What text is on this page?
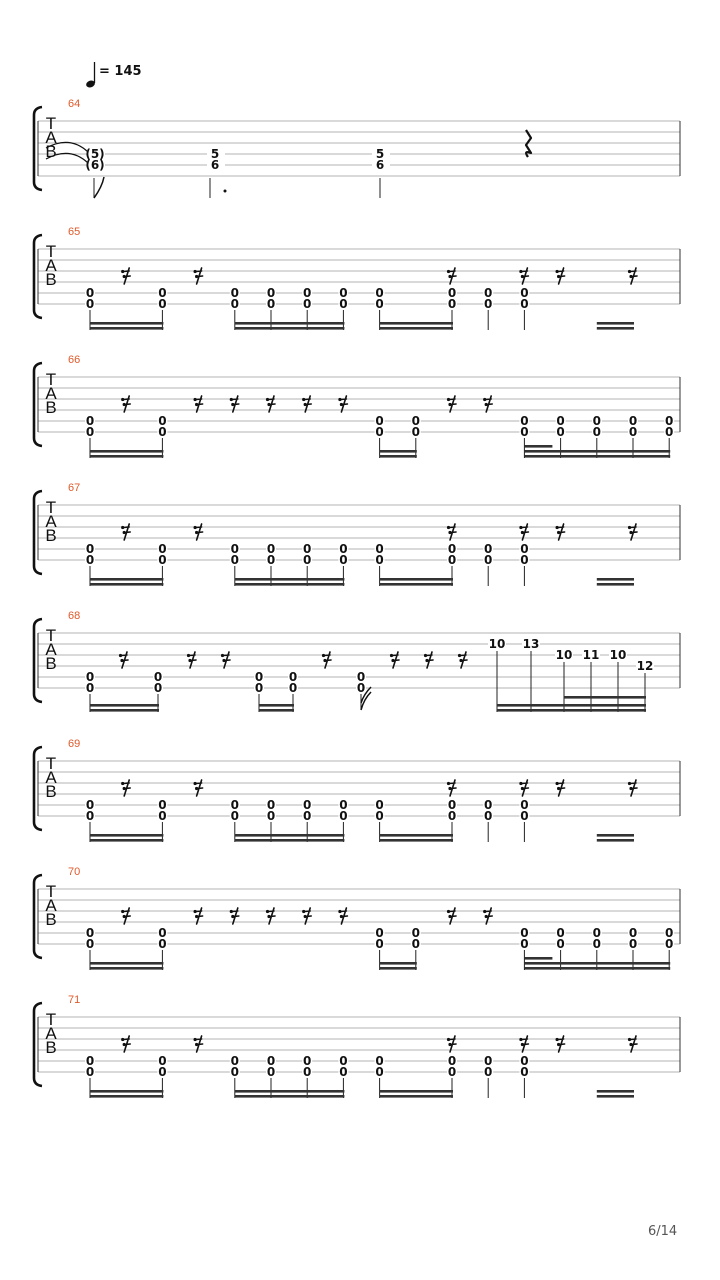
= 145
T
A
B
64
(5)
(6)
5
6
5
6
T
A
B
65
0
0
0
0
0
0
0
0
0
0
0
0
0
0
0
0
0
0
0
0
T
A
B
66
0
0
0
0
0
0
0
0
0
0
0
0
0
0
0
0
0
0
T
A
B
67
0
0
0
0
0
0
0
0
0
0
0
0
0
0
0
0
0
0
0
0
T
A
B
68
0
0
0
0
0
0
0
0
0
0
10 13
10 11 10
12
T
A
B
69
0
0
0
0
0
0
0
0
0
0
0
0
0
0
0
0
0
0
0
0
T
A
B
70
0
0
0
0
0
0
0
0
0
0
0
0
0
0
0
0
0
0
T
A
B
71
0
0
0
0
0
0
0
0
0
0
0
0
0
0
0
0
0
0
0
0
6/14
